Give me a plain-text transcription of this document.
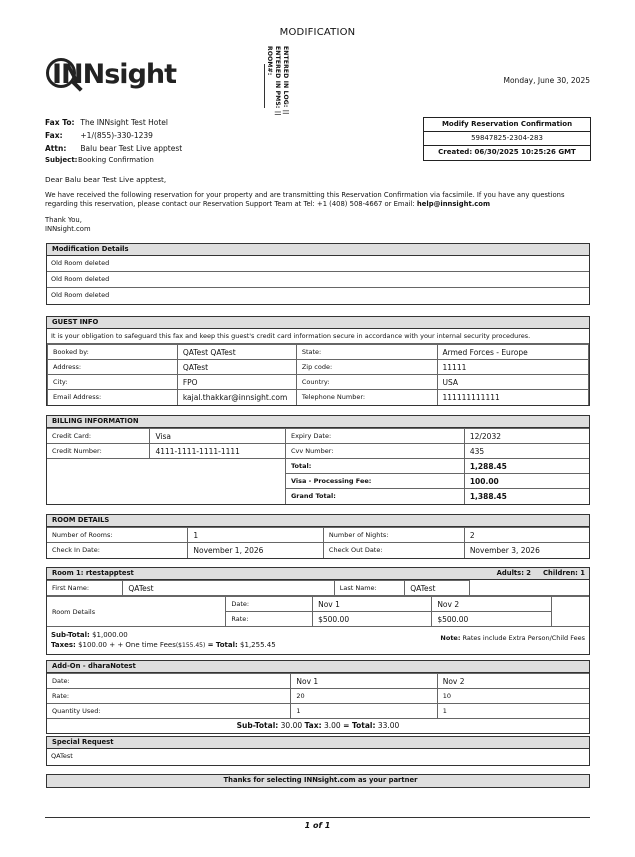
MODIFICATION
INNsight	ENTERED IN LOG: ||
ENTERED IN PMS: ||
ROOM#:
Monday, June 30, 2025
Fax To: The INNsight Test Hotel
Fax: +1/(855)-330-1239
Attn: Balu bear Test Live apptest
Subject:Booking Confirmation
Modify Reservation Confirmation
59847825-2304-283
Created: 06/30/2025 10:25:26 GMT
Dear Balu bear Test Live apptest,
We have received the following reservation for your property and are transmitting this Reservation Confirmation via facsimile. If you have any questions regarding this reservation, please contact our Reservation Support Team at Tel: +1 (408) 508-4667 or Email: help@innsight.com
Thank You,
INNsight.com
Modification Details
Old Room deleted
Old Room deleted
Old Room deleted
GUEST INFO
It is your obligation to safeguard this fax and keep this guest's credit card information secure in accordance with your internal security procedures.
Booked by:	QATest QATest	State:	Armed Forces - Europe
Address:	QATest	Zip code:	11111
City:	FPO	Country:	USA
Email Address:	kajal.thakkar@innsight.com	Telephone Number:	111111111111
BILLING INFORMATION
Credit Card:	Visa	Expiry Date:	12/2032
Credit Number:	4111-1111-1111-1111	Cvv Number:	435
		Total:	1,288.45
		Visa - Processing Fee:	100.00
		Grand Total:	1,388.45
ROOM DETAILS
Number of Rooms:	1	Number of Nights:	2
Check In Date:	November 1, 2026	Check Out Date:	November 3, 2026
Room 1: rtestapptest	Adults: 2 Children: 1
First Name:	QATest	Last Name:	QATest	
Room Details	Date:	Nov 1	Nov 2	
	Rate:	$500.00	$500.00	
Sub-Total: $1,000.00
Taxes: $100.00 + + One time Fees($155.45) = Total: $1,255.45
Note: Rates include Extra Person/Child Fees
Add-On - dharaNotest
Date:	Nov 1	Nov 2
Rate:	20	10
Quantity Used:	1	1
Sub-Total: 30.00 Tax: 3.00 = Total: 33.00
Special Request
QATest
Thanks for selecting INNsight.com as your partner
1 of 1
